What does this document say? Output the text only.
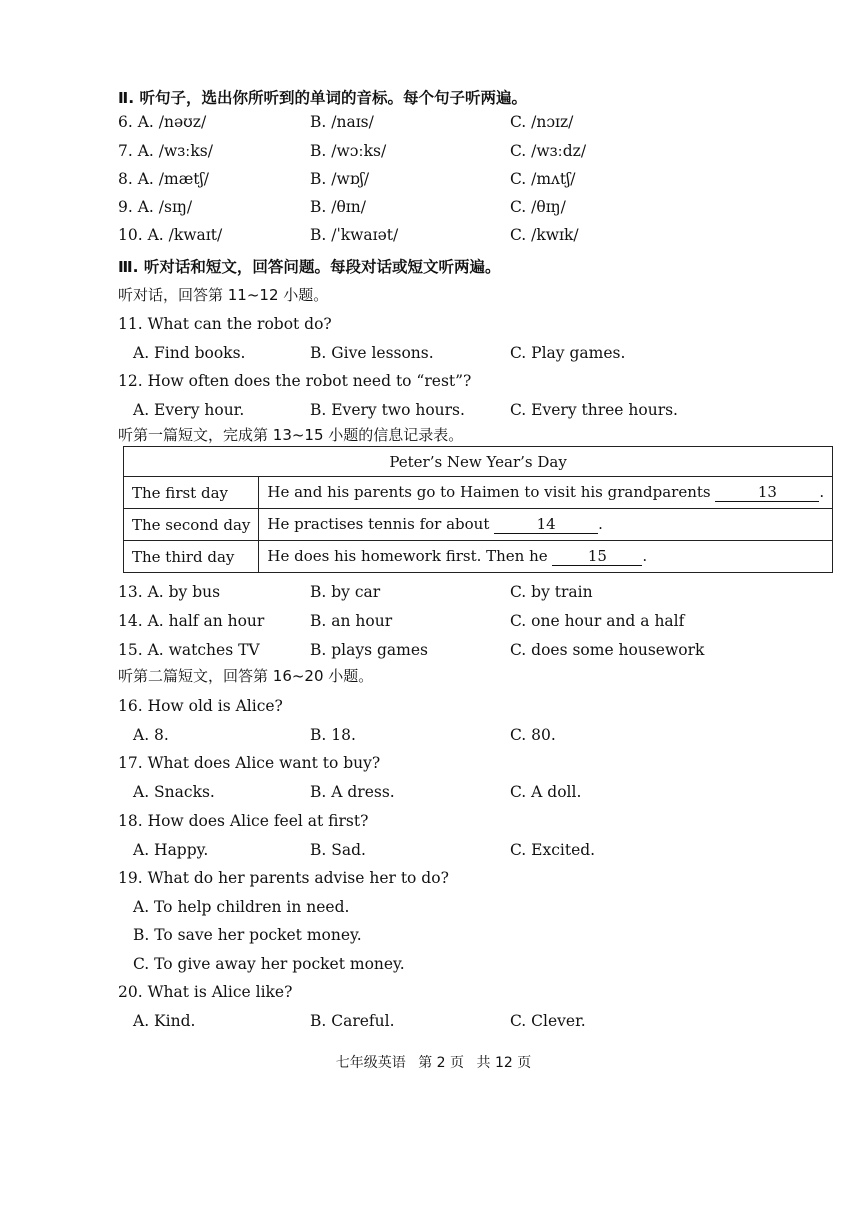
Ⅱ. 听句子，选出你所听到的单词的音标。每个句子听两遍。
6. A. /nəʊz/	B. /naɪs/	C. /nɔɪz/
7. A. /wɜːks/	B. /wɔːks/	C. /wɜːdz/
8. A. /mætʃ/	B. /wɒʃ/	C. /mʌtʃ/
9. A. /sɪŋ/	B. /θɪn/	C. /θɪŋ/
10. A. /kwaɪt/	B. /ˈkwaɪət/	C. /kwɪk/
Ⅲ. 听对话和短文，回答问题。每段对话或短文听两遍。
听对话，回答第 11~12 小题。
11. What can the robot do?
A. Find books.	B. Give lessons.	C. Play games.
12. How often does the robot need to “rest”?
A. Every hour.	B. Every two hours.	C. Every three hours.
听第一篇短文，完成第 13~15 小题的信息记录表。
Peter’s New Year’s Day	
The first day	He and his parents go to Haimen to visit his grandparents 13 .
The second day	He practises tennis for about 14 .
The third day	He does his homework first. Then he 15 .
13. A. by bus	B. by car	C. by train
14. A. half an hour	B. an hour	C. one hour and a half
15. A. watches TV	B. plays games	C. does some housework
听第二篇短文，回答第 16~20 小题。
16. How old is Alice?
A. 8.	B. 18.	C. 80.
17. What does Alice want to buy?
A. Snacks.	B. A dress.	C. A doll.
18. How does Alice feel at first?
A. Happy.	B. Sad.	C. Excited.
19. What do her parents advise her to do?
A. To help children in need.
B. To save her pocket money.
C. To give away her pocket money.
20. What is Alice like?
A. Kind.	B. Careful.	C. Clever.
七年级英语 第 2 页 共 12 页
